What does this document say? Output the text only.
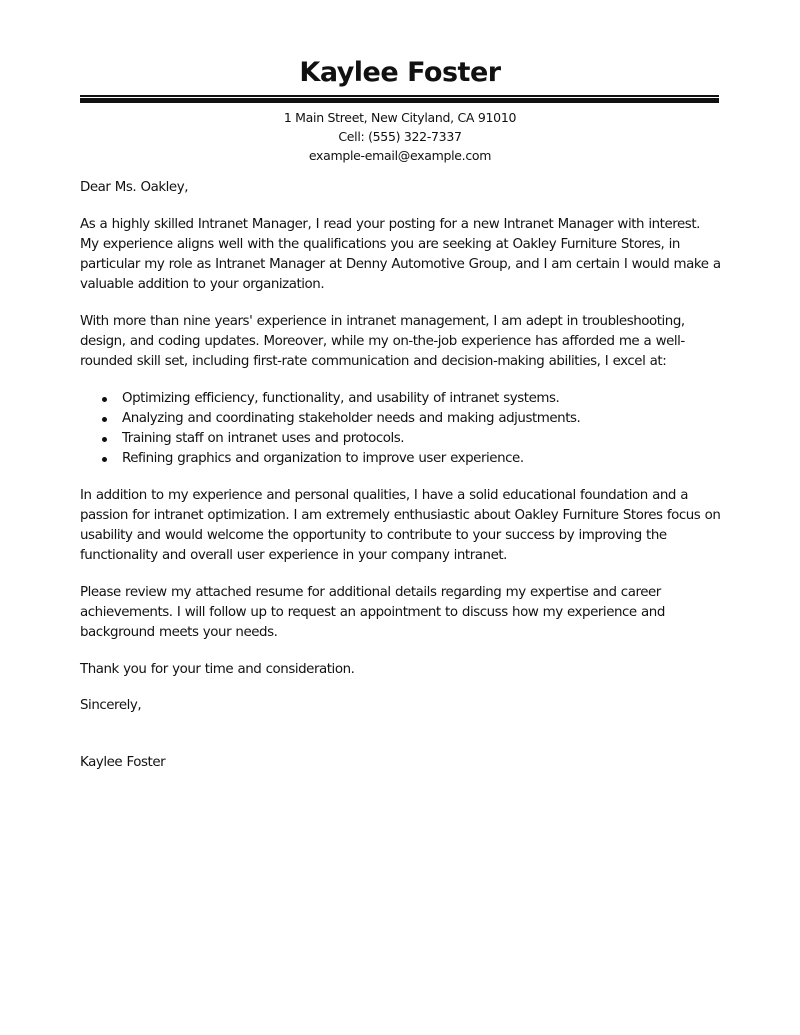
Kaylee Foster
1 Main Street, New Cityland, CA 91010
Cell: (555) 322-7337
example-email@example.com

Dear Ms. Oakley,

As a highly skilled Intranet Manager, I read your posting for a new Intranet Manager with interest.
My experience aligns well with the qualifications you are seeking at Oakley Furniture Stores, in
particular my role as Intranet Manager at Denny Automotive Group, and I am certain I would make a
valuable addition to your organization.

With more than nine years' experience in intranet management, I am adept in troubleshooting,
design, and coding updates. Moreover, while my on-the-job experience has afforded me a well-
rounded skill set, including first-rate communication and decision-making abilities, I excel at:

Optimizing efficiency, functionality, and usability of intranet systems.
Analyzing and coordinating stakeholder needs and making adjustments.
Training staff on intranet uses and protocols.
Refining graphics and organization to improve user experience.

In addition to my experience and personal qualities, I have a solid educational foundation and a
passion for intranet optimization. I am extremely enthusiastic about Oakley Furniture Stores focus on
usability and would welcome the opportunity to contribute to your success by improving the
functionality and overall user experience in your company intranet.

Please review my attached resume for additional details regarding my expertise and career
achievements. I will follow up to request an appointment to discuss how my experience and
background meets your needs.

Thank you for your time and consideration.

Sincerely,

Kaylee Foster
